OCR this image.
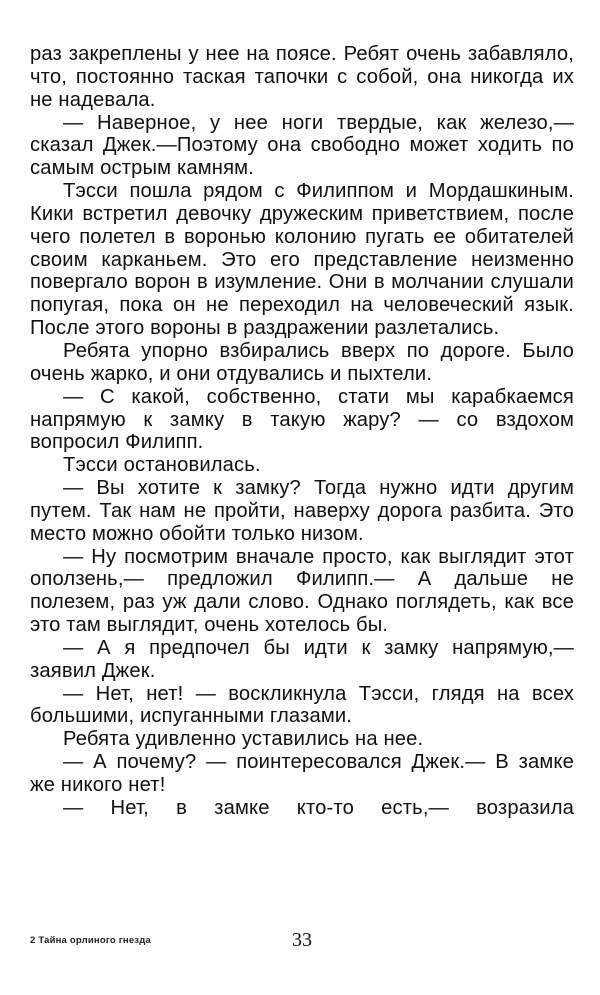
раз закреплены у нее на поясе. Ребят очень забавляло, что, постоянно таская тапочки с собой, она никогда их не надевала.

— Наверное, у нее ноги твердые, как железо,— сказал Джек.—Поэтому она свободно может ходить по самым острым камням.

Тэсси пошла рядом с Филиппом и Мордашкиным. Кики встретил девочку дружеским приветствием, после чего полетел в воронью колонию пугать ее обитателей своим карканьем. Это его представление неизменно повергало ворон в изумление. Они в молчании слушали попугая, пока он не переходил на человеческий язык. После этого вороны в раздражении разлетались.

Ребята упорно взбирались вверх по дороге. Было очень жарко, и они отдувались и пыхтели.

— С какой, собственно, стати мы карабкаемся напрямую к замку в такую жару? — со вздохом вопросил Филипп.

Тэсси остановилась.

— Вы хотите к замку? Тогда нужно идти другим путем. Так нам не пройти, наверху дорога разбита. Это место можно обойти только низом.

— Ну посмотрим вначале просто, как выглядит этот оползень,— предложил Филипп.— А дальше не полезем, раз уж дали слово. Однако поглядеть, как все это там выглядит, очень хотелось бы.

— А я предпочел бы идти к замку напрямую,— заявил Джек.

— Нет, нет! — воскликнула Тэсси, глядя на всех большими, испуганными глазами.

Ребята удивленно уставились на нее.

— А почему? — поинтересовался Джек.— В замке же никого нет!

— Нет, в замке кто-то есть,— возразила

2 Тайна орлиного гнезда	33
